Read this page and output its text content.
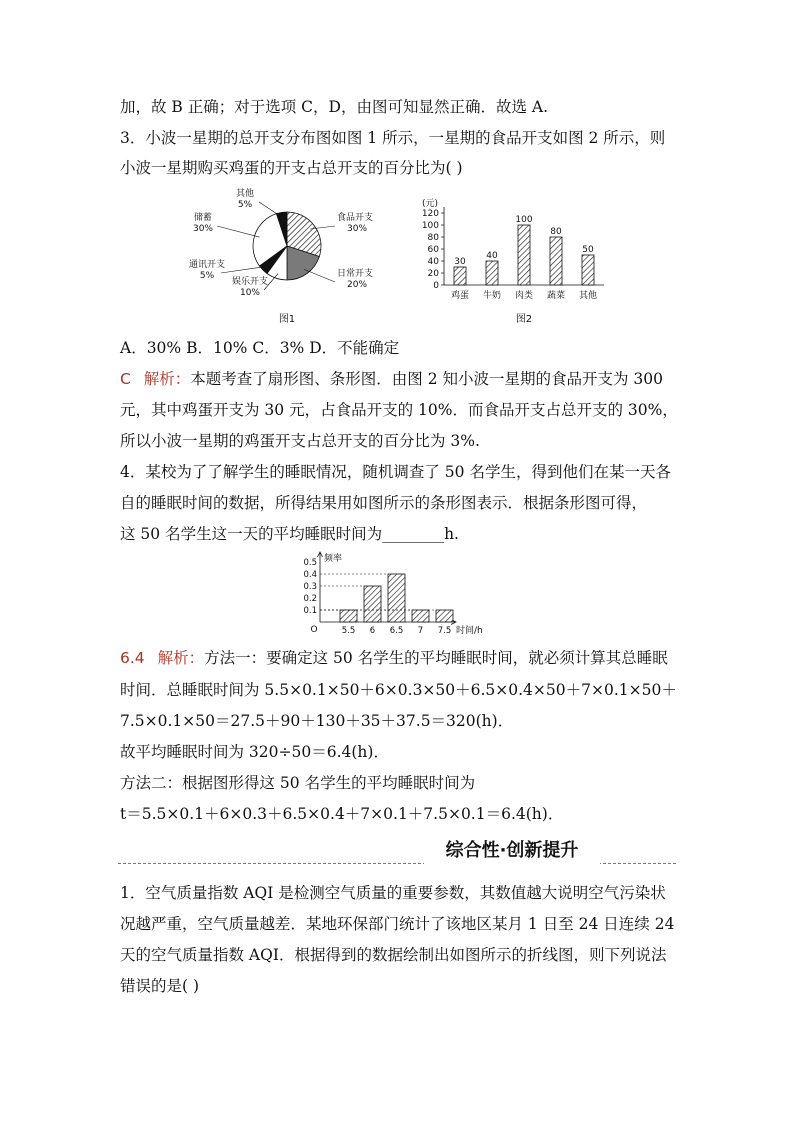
加，故 B 正确；对于选项 C，D，由图可知显然正确．故选 A.
3．小波一星期的总开支分布图如图 1 所示，一星期的食品开支如图 2 所示，则
小波一星期购买鸡蛋的开支占总开支的百分比为( )
食品开支
30%
日常开支
20%
娱乐开支
10%
通讯开支
5%
储蓄
30%
其他
5%
图1
(元)
0
20
40
60
80
100
120
30
鸡蛋
40
牛奶
100
肉类
80
蔬菜
50
其他
图2
A．30% B．10% C．3% D．不能确定
C 解析：本题考查了扇形图、条形图．由图 2 知小波一星期的食品开支为 300
元，其中鸡蛋开支为 30 元，占食品开支的 10%．而食品开支占总开支的 30%，
所以小波一星期的鸡蛋开支占总开支的百分比为 3%.
4．某校为了了解学生的睡眠情况，随机调查了 50 名学生，得到他们在某一天各
自的睡眠时间的数据，所得结果用如图所示的条形图表示．根据条形图可得，
这 50 名学生这一天的平均睡眠时间为________h.
频率
时间/h
O
0.1
0.2
0.3
0.4
0.5
5.5 6 6.5 7 7.5
6.4 解析：方法一：要确定这 50 名学生的平均睡眠时间，就必须计算其总睡眠
时间．总睡眠时间为 5.5×0.1×50＋6×0.3×50＋6.5×0.4×50＋7×0.1×50＋
7.5×0.1×50＝27.5＋90＋130＋35＋37.5＝320(h)．
故平均睡眠时间为 320÷50＝6.4(h)．
方法二：根据图形得这 50 名学生的平均睡眠时间为
t＝5.5×0.1＋6×0.3＋6.5×0.4＋7×0.1＋7.5×0.1＝6.4(h)．
综合性·创新提升
1．空气质量指数 AQI 是检测空气质量的重要参数，其数值越大说明空气污染状
况越严重，空气质量越差．某地环保部门统计了该地区某月 1 日至 24 日连续 24
天的空气质量指数 AQI．根据得到的数据绘制出如图所示的折线图，则下列说法
错误的是( )
